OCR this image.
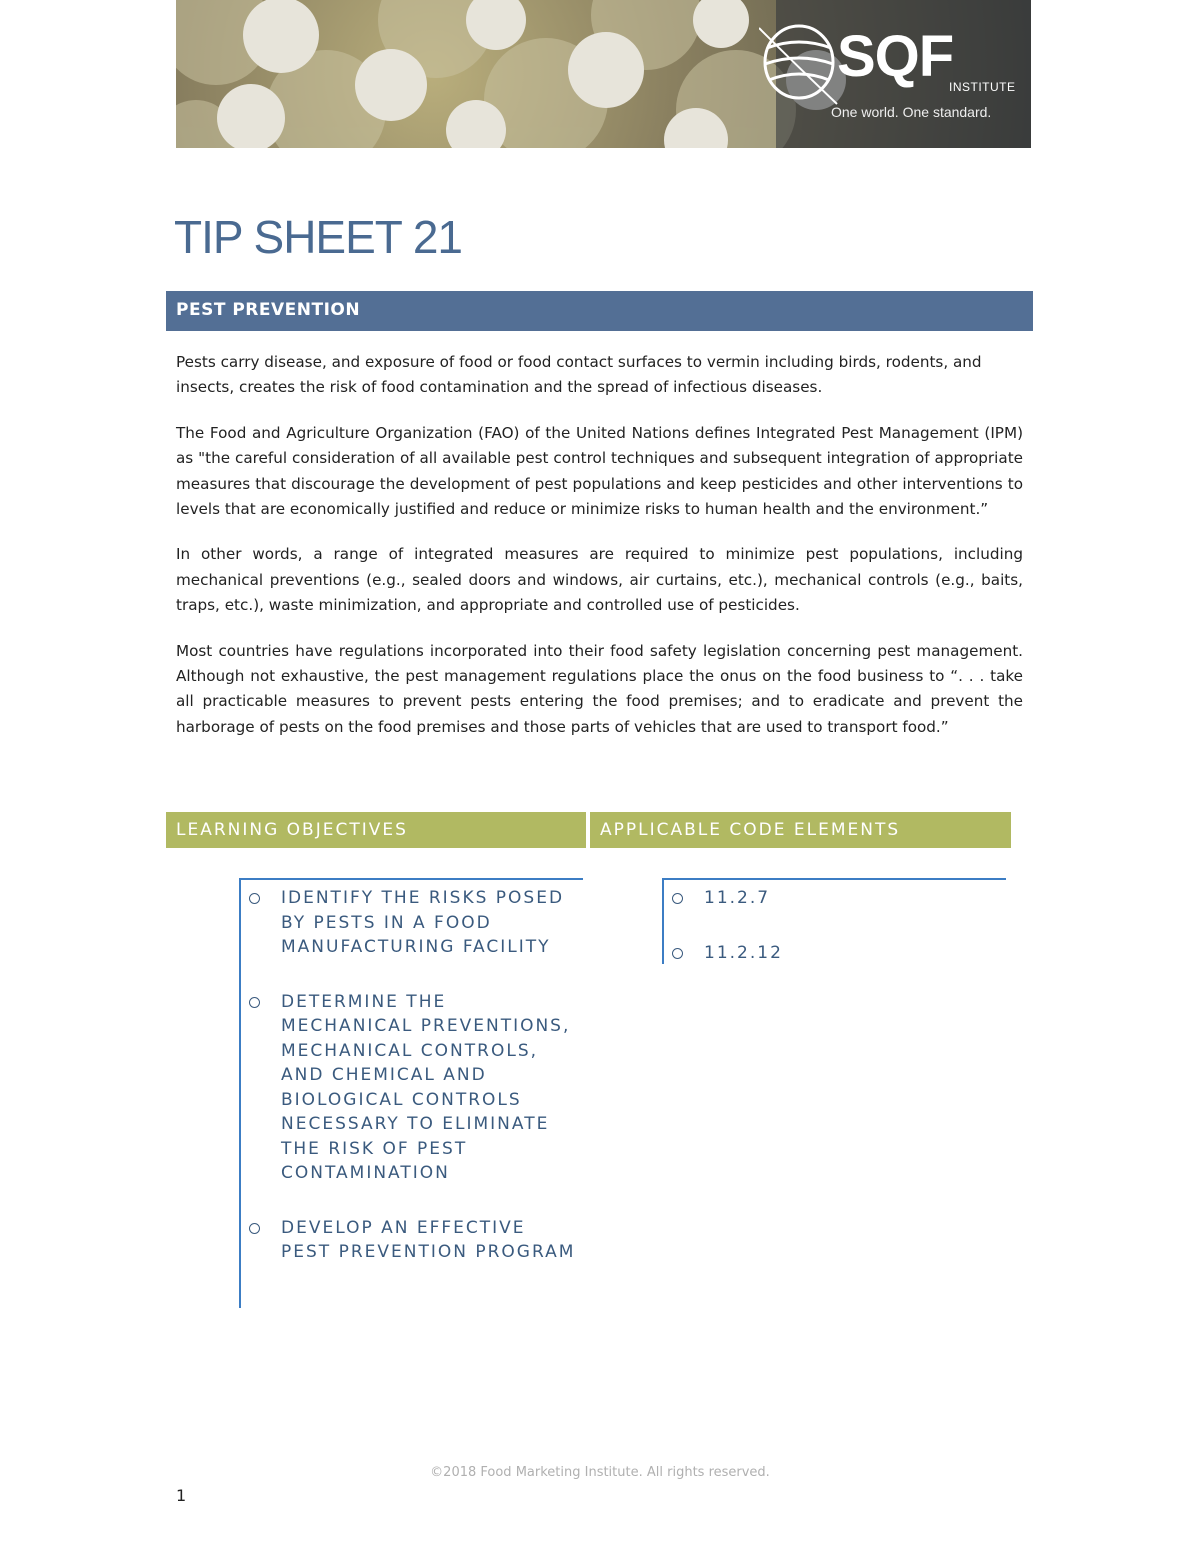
SQF
INSTITUTE
One world. One standard.
TIP SHEET 21
PEST PREVENTION

Pests carry disease, and exposure of food or food contact surfaces to vermin including birds, rodents, and insects, creates the risk of food contamination and the spread of infectious diseases.

The Food and Agriculture Organization (FAO) of the United Nations defines Integrated Pest Management (IPM) as "the careful consideration of all available pest control techniques and subsequent integration of appropriate measures that discourage the development of pest populations and keep pesticides and other interventions to levels that are economically justified and reduce or minimize risks to human health and the environment.”

In other words, a range of integrated measures are required to minimize pest populations, including mechanical preventions (e.g., sealed doors and windows, air curtains, etc.), mechanical controls (e.g., baits, traps, etc.), waste minimization, and appropriate and controlled use of pesticides.

Most countries have regulations incorporated into their food safety legislation concerning pest management. Although not exhaustive, the pest management regulations place the onus on the food business to “. . . take all practicable measures to prevent pests entering the food premises; and to eradicate and prevent the harborage of pests on the food premises and those parts of vehicles that are used to transport food.”

LEARNING OBJECTIVES	APPLICABLE CODE ELEMENTS
IDENTIFY THE RISKS POSED BY PESTS IN A FOOD MANUFACTURING FACILITY
DETERMINE THE MECHANICAL PREVENTIONS, MECHANICAL CONTROLS, AND CHEMICAL AND BIOLOGICAL CONTROLS NECESSARY TO ELIMINATE THE RISK OF PEST CONTAMINATION
DEVELOP AN EFFECTIVE PEST PREVENTION PROGRAM
11.2.7
11.2.12
©2018 Food Marketing Institute. All rights reserved.
1
